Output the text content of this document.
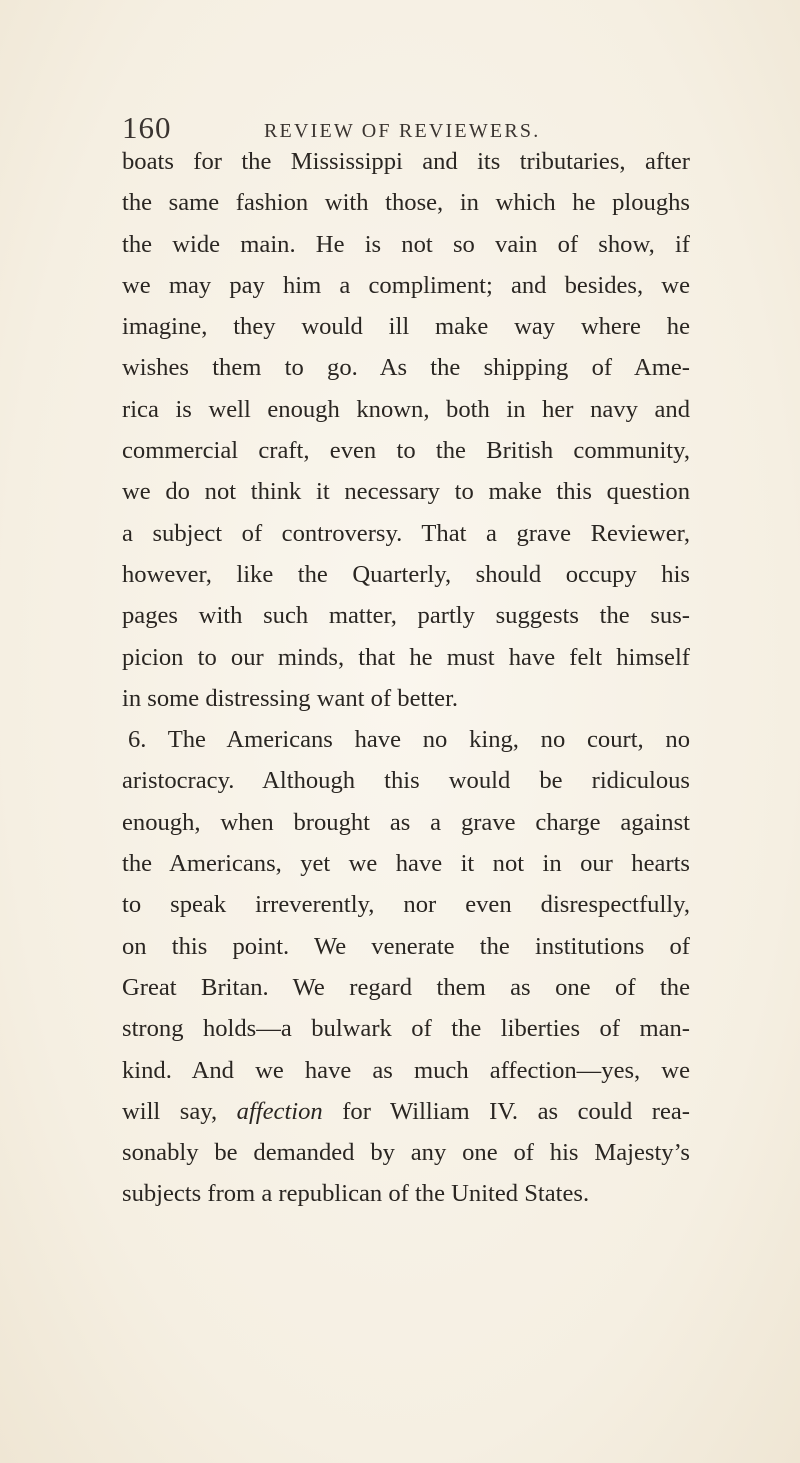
160	REVIEW OF REVIEWERS.
boats for the Mississippi and its tributaries, after
the same fashion with those, in which he ploughs
the wide main. He is not so vain of show, if
we may pay him a compliment; and besides, we
imagine, they would ill make way where he
wishes them to go. As the shipping of Ame-
rica is well enough known, both in her navy and
commercial craft, even to the British community,
we do not think it necessary to make this question
a subject of controversy. That a grave Reviewer,
however, like the Quarterly, should occupy his
pages with such matter, partly suggests the sus-
picion to our minds, that he must have felt himself
in some distressing want of better.
6. The Americans have no king, no court, no
aristocracy. Although this would be ridiculous
enough, when brought as a grave charge against
the Americans, yet we have it not in our hearts
to speak irreverently, nor even disrespectfully,
on this point. We venerate the institutions of
Great Britan. We regard them as one of the
strong holds—a bulwark of the liberties of man-
kind. And we have as much affection—yes, we
will say, affection for William IV. as could rea-
sonably be demanded by any one of his Majesty’s
subjects from a republican of the United States.
